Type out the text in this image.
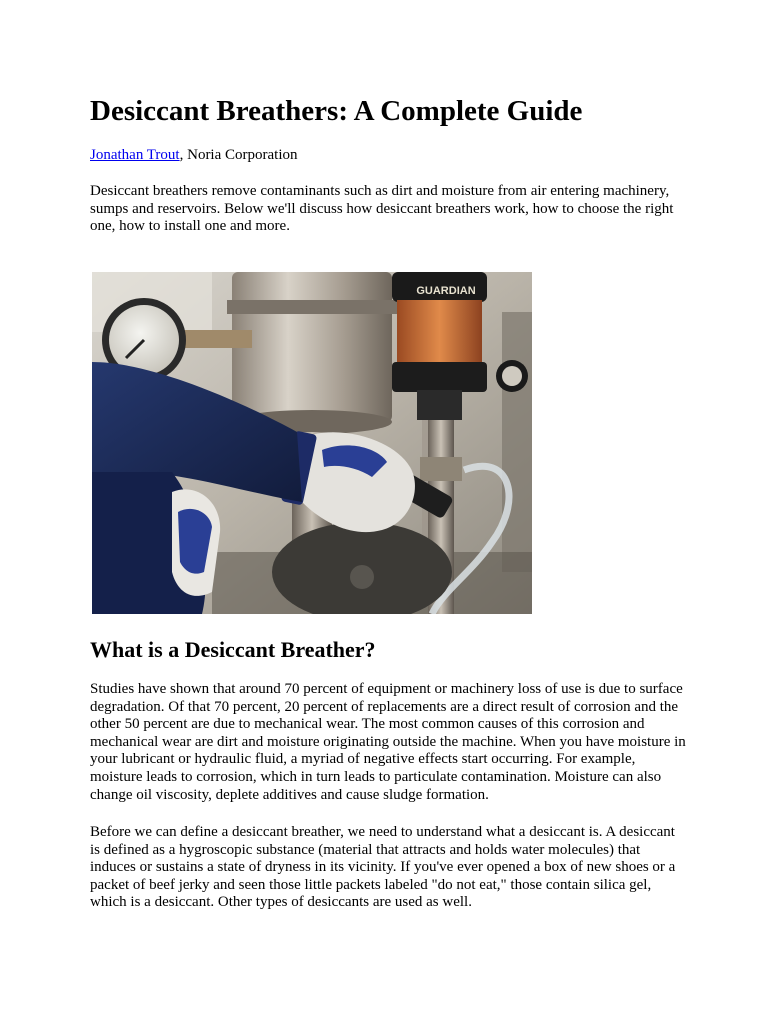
Desiccant Breathers: A Complete Guide
Jonathan Trout, Noria Corporation

Desiccant breathers remove contaminants such as dirt and moisture from air entering machinery, sumps and reservoirs. Below we'll discuss how desiccant breathers work, how to choose the right one, how to install one and more.

GUARDIAN
What is a Desiccant Breather?

Studies have shown that around 70 percent of equipment or machinery loss of use is due to surface degradation. Of that 70 percent, 20 percent of replacements are a direct result of corrosion and the other 50 percent are due to mechanical wear. The most common causes of this corrosion and mechanical wear are dirt and moisture originating outside the machine. When you have moisture in your lubricant or hydraulic fluid, a myriad of negative effects start occurring. For example, moisture leads to corrosion, which in turn leads to particulate contamination. Moisture can also change oil viscosity, deplete additives and cause sludge formation.

Before we can define a desiccant breather, we need to understand what a desiccant is. A desiccant is defined as a hygroscopic substance (material that attracts and holds water molecules) that induces or sustains a state of dryness in its vicinity. If you've ever opened a box of new shoes or a packet of beef jerky and seen those little packets labeled "do not eat," those contain silica gel, which is a desiccant. Other types of desiccants are used as well.
